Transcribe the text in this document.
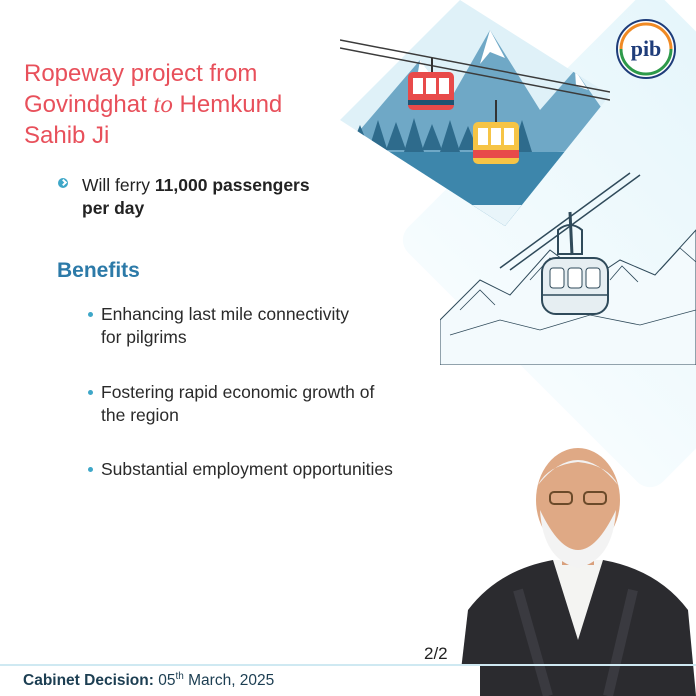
pib
Ropeway project from
Govindghat to Hemkund
Sahib Ji
Will ferry 11,000 passengers
per day
Benefits
Enhancing last mile connectivity
for pilgrims
Fostering rapid economic growth of
the region
Substantial employment opportunities
2/2
Cabinet Decision: 05th March, 2025
